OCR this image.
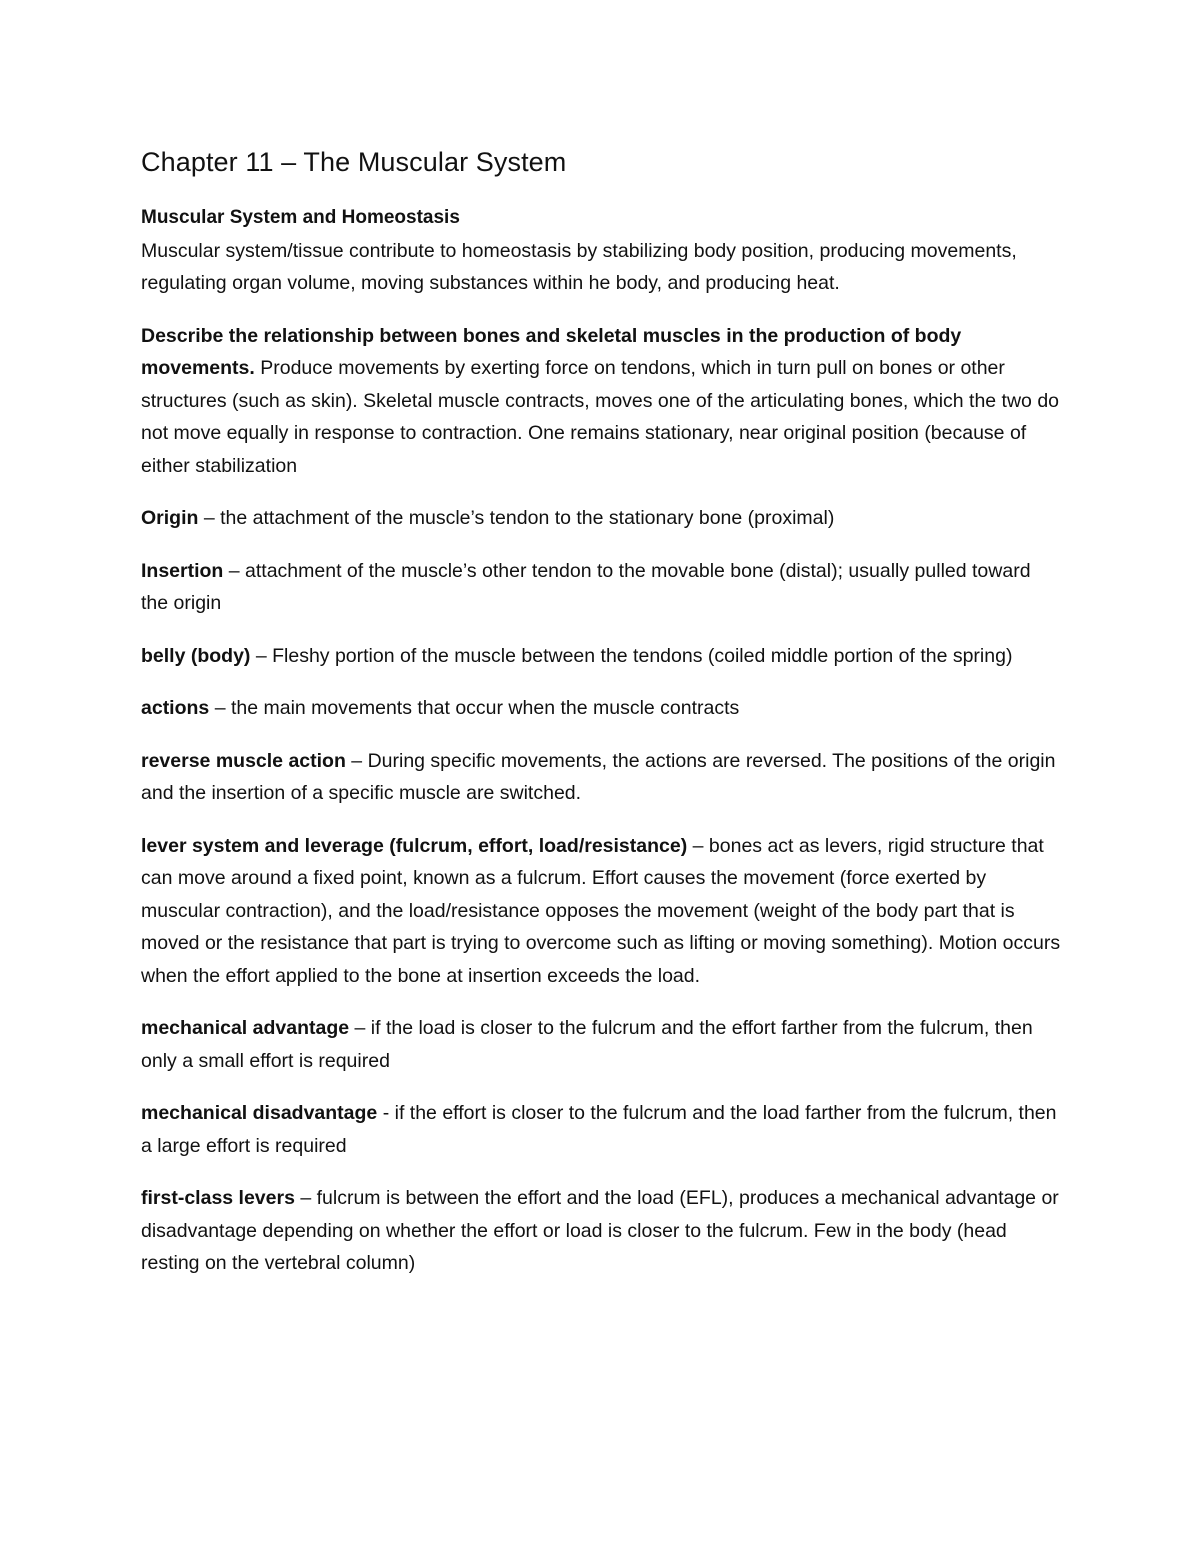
Chapter 11 – The Muscular System
Muscular System and Homeostasis
Muscular system/tissue contribute to homeostasis by stabilizing body position, producing movements, regulating organ volume, moving substances within he body, and producing heat.
Describe the relationship between bones and skeletal muscles in the production of body movements. Produce movements by exerting force on tendons, which in turn pull on bones or other structures (such as skin). Skeletal muscle contracts, moves one of the articulating bones, which the two do not move equally in response to contraction. One remains stationary, near original position (because of either stabilization
Origin – the attachment of the muscle’s tendon to the stationary bone (proximal)
Insertion – attachment of the muscle’s other tendon to the movable bone (distal); usually pulled toward the origin
belly (body) – Fleshy portion of the muscle between the tendons (coiled middle portion of the spring)
actions – the main movements that occur when the muscle contracts
reverse muscle action – During specific movements, the actions are reversed. The positions of the origin and the insertion of a specific muscle are switched.
lever system and leverage (fulcrum, effort, load/resistance) – bones act as levers, rigid structure that can move around a fixed point, known as a fulcrum. Effort causes the movement (force exerted by muscular contraction), and the load/resistance opposes the movement (weight of the body part that is moved or the resistance that part is trying to overcome such as lifting or moving something). Motion occurs when the effort applied to the bone at insertion exceeds the load.
mechanical advantage – if the load is closer to the fulcrum and the effort farther from the fulcrum, then only a small effort is required
mechanical disadvantage - if the effort is closer to the fulcrum and the load farther from the fulcrum, then a large effort is required
first-class levers – fulcrum is between the effort and the load (EFL), produces a mechanical advantage or disadvantage depending on whether the effort or load is closer to the fulcrum. Few in the body (head resting on the vertebral column)
